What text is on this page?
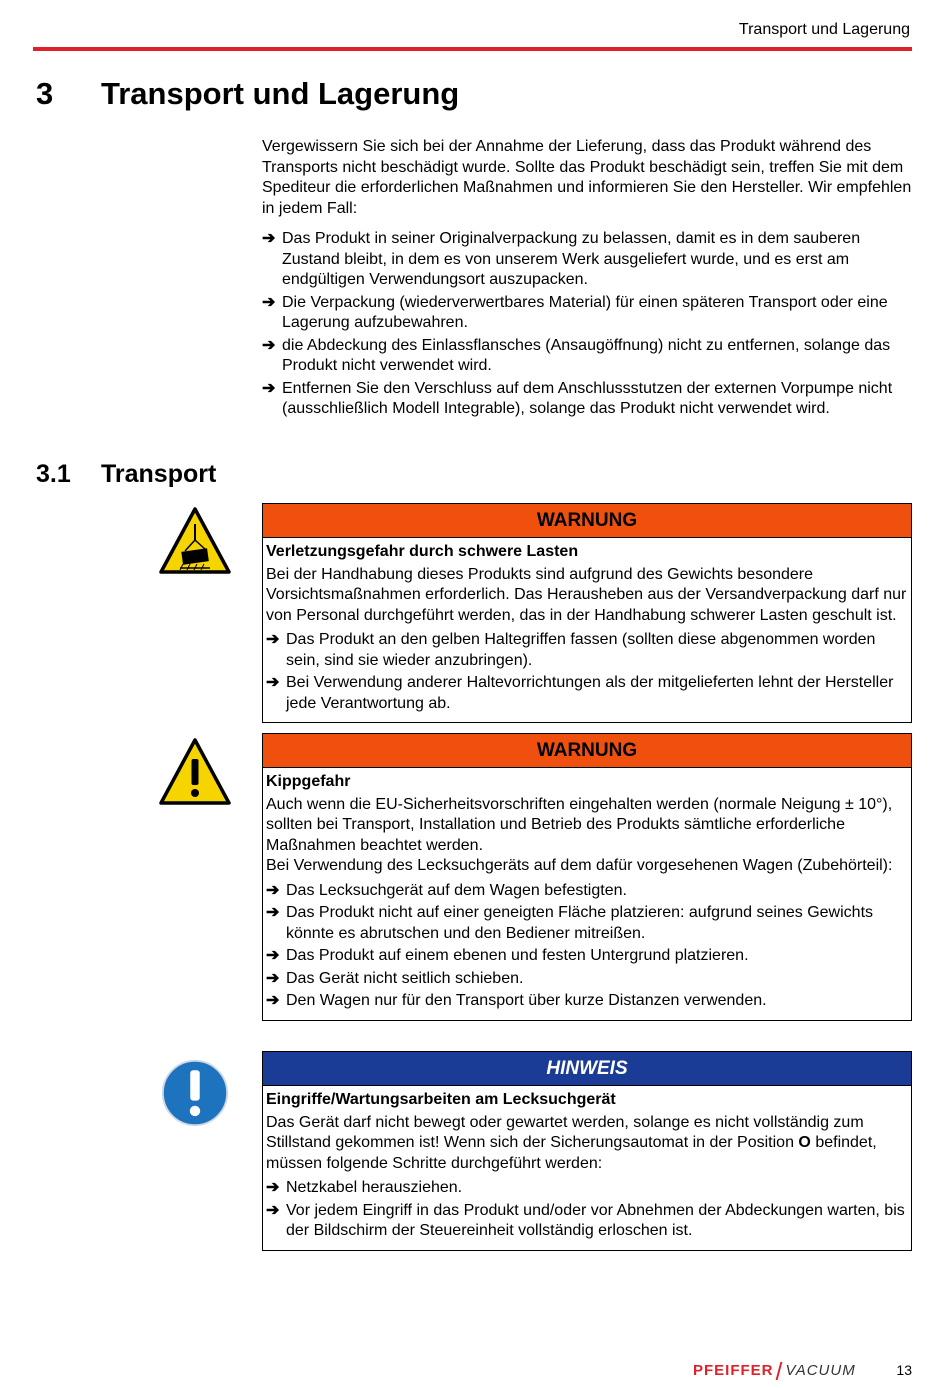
Transport und Lagerung
3 Transport und Lagerung

Vergewissern Sie sich bei der Annahme der Lieferung, dass das Produkt während des Transports nicht beschädigt wurde. Sollte das Produkt beschädigt sein, treffen Sie mit dem Spediteur die erforderlichen Maßnahmen und informieren Sie den Hersteller. Wir empfehlen in jedem Fall:

➔ Das Produkt in seiner Originalverpackung zu belassen, damit es in dem sauberen Zustand bleibt, in dem es von unserem Werk ausgeliefert wurde, und es erst am endgültigen Verwendungsort auszupacken.
➔ Die Verpackung (wiederverwertbares Material) für einen späteren Transport oder eine Lagerung aufzubewahren.
➔ die Abdeckung des Einlassflansches (Ansaugöffnung) nicht zu entfernen, solange das Produkt nicht verwendet wird.
➔ Entfernen Sie den Verschluss auf dem Anschlussstutzen der externen Vorpumpe nicht (ausschließlich Modell Integrable), solange das Produkt nicht verwendet wird.
3.1 Transport
WARNUNG
Verletzungsgefahr durch schwere Lasten

Bei der Handhabung dieses Produkts sind aufgrund des Gewichts besondere Vorsichtsmaßnahmen erforderlich. Das Herausheben aus der Versandverpackung darf nur von Personal durchgeführt werden, das in der Handhabung schwerer Lasten geschult ist.

➔ Das Produkt an den gelben Haltegriffen fassen (sollten diese abgenommen worden sein, sind sie wieder anzubringen).
➔ Bei Verwendung anderer Haltevorrichtungen als der mitgelieferten lehnt der Hersteller jede Verantwortung ab.
WARNUNG
Kippgefahr

Auch wenn die EU-Sicherheitsvorschriften eingehalten werden (normale Neigung ± 10°), sollten bei Transport, Installation und Betrieb des Produkts sämtliche erforderliche Maßnahmen beachtet werden.

Bei Verwendung des Lecksuchgeräts auf dem dafür vorgesehenen Wagen (Zubehörteil):

➔ Das Lecksuchgerät auf dem Wagen befestigten.
➔ Das Produkt nicht auf einer geneigten Fläche platzieren: aufgrund seines Gewichts könnte es abrutschen und den Bediener mitreißen.
➔ Das Produkt auf einem ebenen und festen Untergrund platzieren.
➔ Das Gerät nicht seitlich schieben.
➔ Den Wagen nur für den Transport über kurze Distanzen verwenden.
HINWEIS
Eingriffe/Wartungsarbeiten am Lecksuchgerät

Das Gerät darf nicht bewegt oder gewartet werden, solange es nicht vollständig zum Stillstand gekommen ist! Wenn sich der Sicherungsautomat in der Position O befindet, müssen folgende Schritte durchgeführt werden:

➔ Netzkabel herausziehen.
➔ Vor jedem Eingriff in das Produkt und/oder vor Abnehmen der Abdeckungen warten, bis der Bildschirm der Steuereinheit vollständig erloschen ist.
PFEIFFER VACUUM	13
